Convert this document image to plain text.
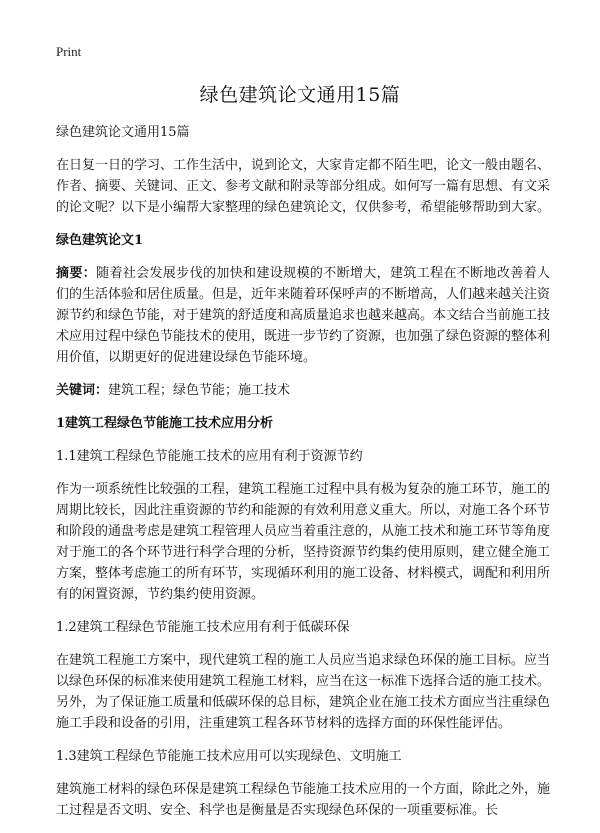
Print
绿色建筑论文通用15篇

绿色建筑论文通用15篇

在日复一日的学习、工作生活中，说到论文，大家肯定都不陌生吧，论文一般由题名、作者、摘要、关键词、正文、参考文献和附录等部分组成。如何写一篇有思想、有文采的论文呢？以下是小编帮大家整理的绿色建筑论文，仅供参考，希望能够帮助到大家。

绿色建筑论文1

摘要：随着社会发展步伐的加快和建设规模的不断增大，建筑工程在不断地改善着人们的生活体验和居住质量。但是，近年来随着环保呼声的不断增高，人们越来越关注资源节约和绿色节能，对于建筑的舒适度和高质量追求也越来越高。本文结合当前施工技术应用过程中绿色节能技术的使用，既进一步节约了资源，也加强了绿色资源的整体利用价值，以期更好的促进建设绿色节能环境。

关键词：建筑工程；绿色节能；施工技术

1建筑工程绿色节能施工技术应用分析

1.1建筑工程绿色节能施工技术的应用有利于资源节约

作为一项系统性比较强的工程，建筑工程施工过程中具有极为复杂的施工环节，施工的周期比较长，因此注重资源的节约和能源的有效利用意义重大。所以，对施工各个环节和阶段的通盘考虑是建筑工程管理人员应当着重注意的，从施工技术和施工环节等角度对于施工的各个环节进行科学合理的分析，坚持资源节约集约使用原则，建立健全施工方案，整体考虑施工的所有环节，实现循环利用的施工设备、材料模式，调配和利用所有的闲置资源，节约集约使用资源。

1.2建筑工程绿色节能施工技术应用有利于低碳环保

在建筑工程施工方案中，现代建筑工程的施工人员应当追求绿色环保的施工目标。应当以绿色环保的标准来使用建筑工程施工材料，应当在这一标准下选择合适的施工技术。另外，为了保证施工质量和低碳环保的总目标，建筑企业在施工技术方面应当注重绿色施工手段和设备的引用，注重建筑工程各环节材料的选择方面的环保性能评估。

1.3建筑工程绿色节能施工技术应用可以实现绿色、文明施工

建筑施工材料的绿色环保是建筑工程绿色节能施工技术应用的一个方面，除此之外，施工过程是否文明、安全、科学也是衡量是否实现绿色环保的一项重要标准。长
